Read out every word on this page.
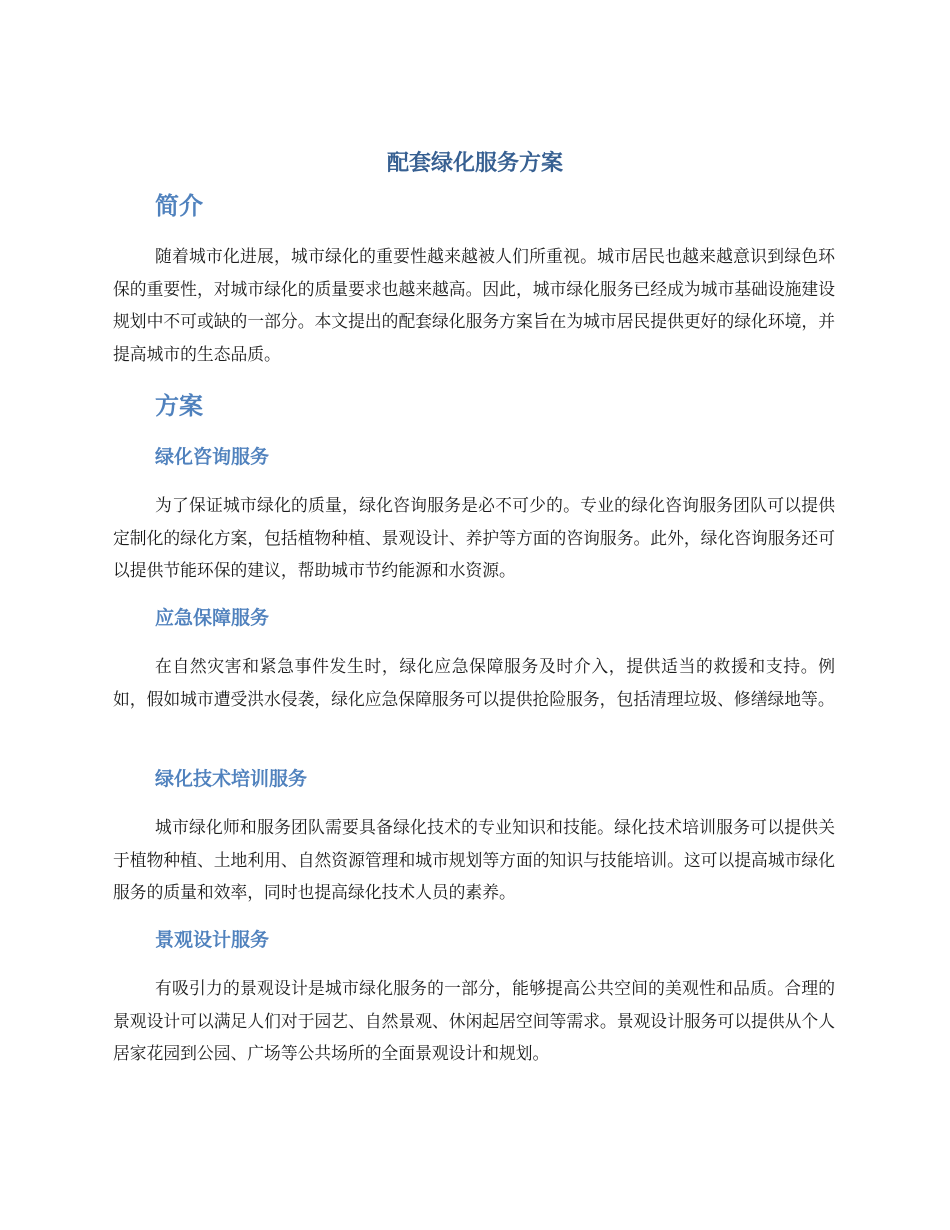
配套绿化服务方案
简介

随着城市化进展，城市绿化的重要性越来越被人们所重视。城市居民也越来越意识到绿色环保的重要性，对城市绿化的质量要求也越来越高。因此，城市绿化服务已经成为城市基础设施建设规划中不可或缺的一部分。本文提出的配套绿化服务方案旨在为城市居民提供更好的绿化环境，并提高城市的生态品质。

方案
绿化咨询服务

为了保证城市绿化的质量，绿化咨询服务是必不可少的。专业的绿化咨询服务团队可以提供定制化的绿化方案，包括植物种植、景观设计、养护等方面的咨询服务。此外，绿化咨询服务还可以提供节能环保的建议，帮助城市节约能源和水资源。

应急保障服务

在自然灾害和紧急事件发生时，绿化应急保障服务及时介入，提供适当的救援和支持。例如，假如城市遭受洪水侵袭，绿化应急保障服务可以提供抢险服务，包括清理垃圾、修缮绿地等。

绿化技术培训服务

城市绿化师和服务团队需要具备绿化技术的专业知识和技能。绿化技术培训服务可以提供关于植物种植、土地利用、自然资源管理和城市规划等方面的知识与技能培训。这可以提高城市绿化服务的质量和效率，同时也提高绿化技术人员的素养。

景观设计服务

有吸引力的景观设计是城市绿化服务的一部分，能够提高公共空间的美观性和品质。合理的景观设计可以满足人们对于园艺、自然景观、休闲起居空间等需求。景观设计服务可以提供从个人居家花园到公园、广场等公共场所的全面景观设计和规划。
